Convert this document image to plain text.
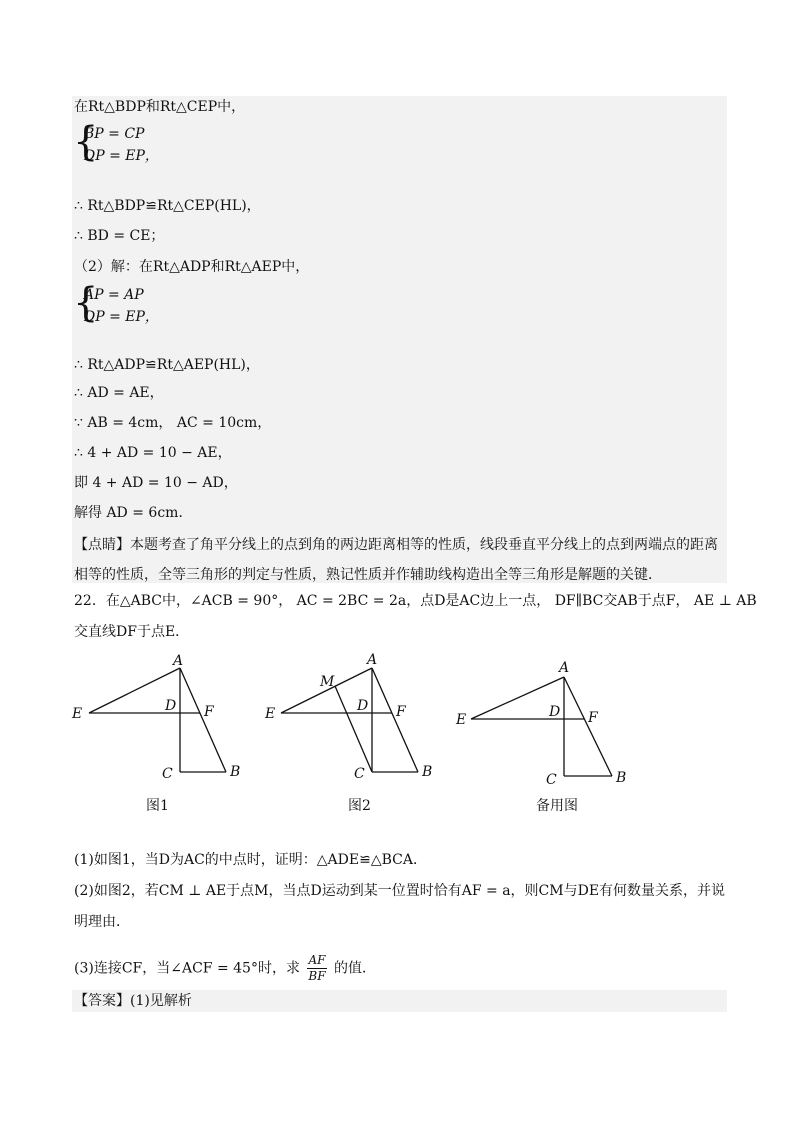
在Rt△BDP和Rt△CEP中，
{
BP = CP
DP = EP，
∴ Rt△BDP≌Rt△CEP(HL)，
∴ BD = CE；
（2）解：在Rt△ADP和Rt△AEP中，
{
AP = AP
DP = EP，
∴ Rt△ADP≌Rt△AEP(HL)，
∴ AD = AE，
∵ AB = 4cm， AC = 10cm，
∴ 4 + AD = 10 − AE，
即 4 + AD = 10 − AD，
解得 AD = 6cm．
【点睛】本题考查了角平分线上的点到角的两边距离相等的性质，线段垂直平分线上的点到两端点的距离相等的性质，全等三角形的判定与性质，熟记性质并作辅助线构造出全等三角形是解题的关键．
22．在△ABC中，∠ACB = 90°， AC = 2BC = 2a，点D是AC边上一点， DF∥BC交AB于点F， AE ⊥ AB
交直线DF于点E．
A
D
E	F
C	B
A
M
D
E	F
C	B
A
D
E	F
C	B
图1	图2	备用图
(1)如图1，当D为AC的中点时，证明：△ADE≌△BCA．
(2)如图2，若CM ⊥ AE于点M，当点D运动到某一位置时恰有AF = a，则CM与DE有何数量关系，并说
明理由．
(3)连接CF，当∠ACF = 45°时，求 $\frac{AF}{BF}$ 的值．
【答案】(1)见解析
